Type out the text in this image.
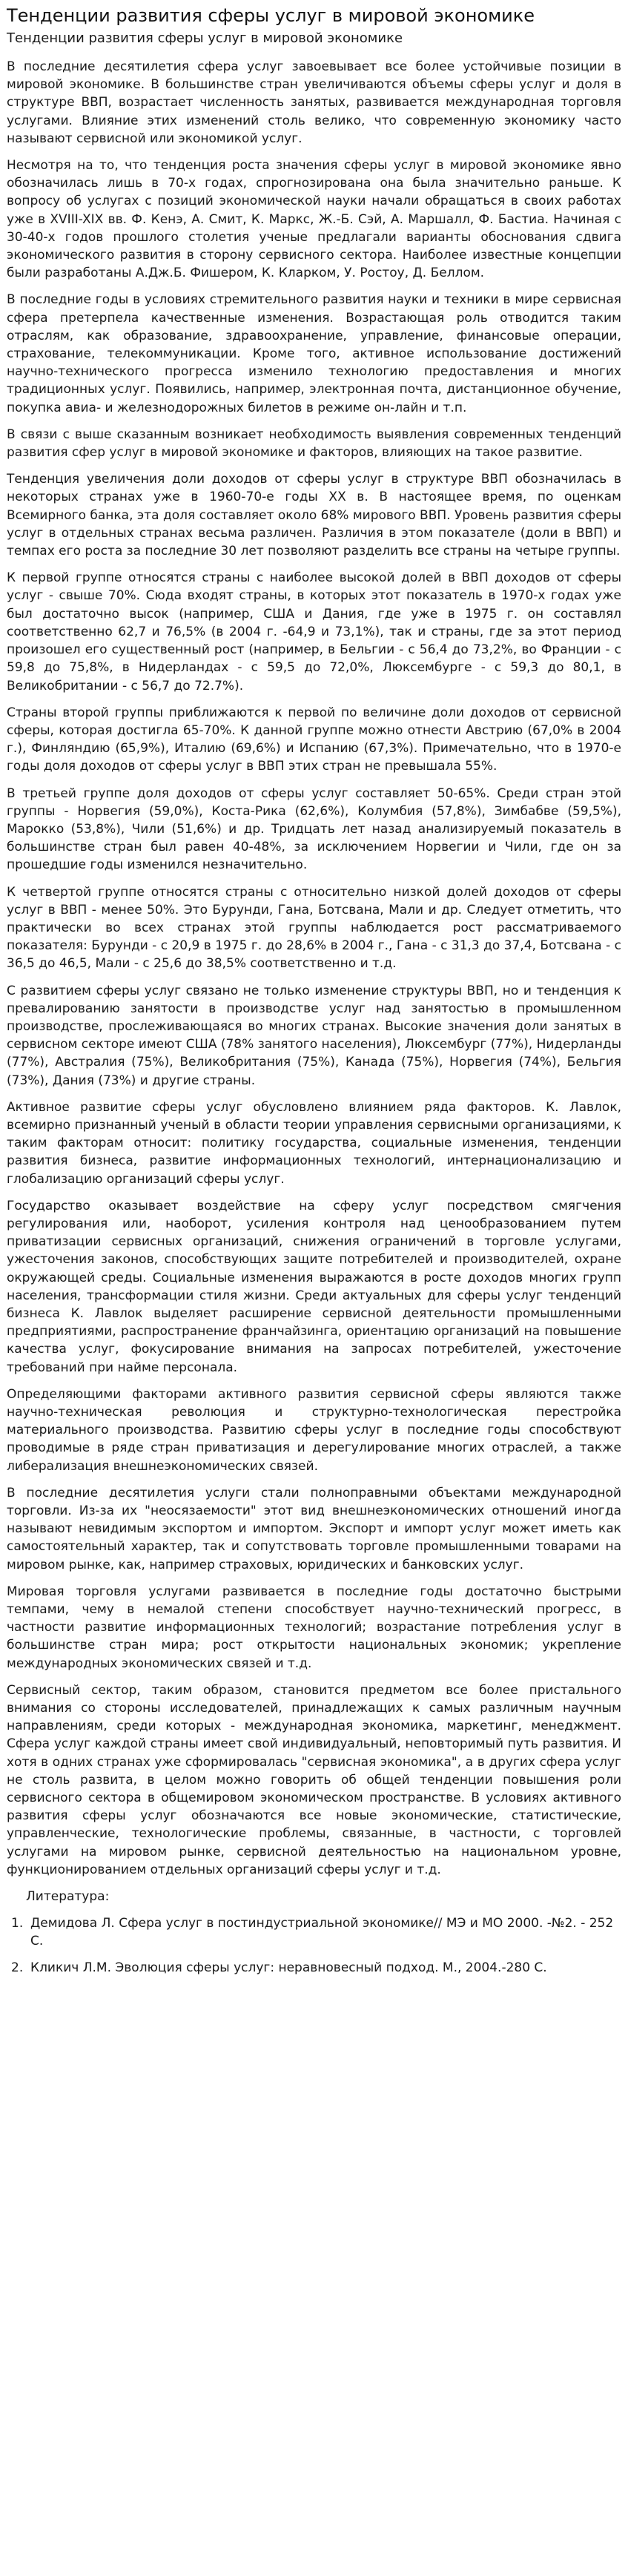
Тенденции развития сферы услуг в мировой экономике
Тенденции развития сферы услуг в мировой экономике

В последние десятилетия сфера услуг завоевывает все более устойчивые позиции в мировой экономике. В большинстве стран увеличиваются объемы сферы услуг и доля в структуре ВВП, возрастает численность занятых, развивается международная торговля услугами. Влияние этих изменений столь велико, что современную экономику часто называют сервисной или экономикой услуг.

Несмотря на то, что тенденция роста значения сферы услуг в мировой экономике явно обозначилась лишь в 70-х годах, спрогнозирована она была значительно раньше. К вопросу об услугах с позиций экономической науки начали обращаться в своих работах уже в XVIII-XIX вв. Ф. Кенэ, А. Смит, К. Маркс, Ж.-Б. Сэй, А. Маршалл, Ф. Бастиа. Начиная с 30-40-х годов прошлого столетия ученые предлагали варианты обоснования сдвига экономического развития в сторону сервисного сектора. Наиболее известные концепции были разработаны А.Дж.Б. Фишером, К. Кларком, У. Ростоу, Д. Беллом.

В последние годы в условиях стремительного развития науки и техники в мире сервисная сфера претерпела качественные изменения. Возрастающая роль отводится таким отраслям, как образование, здравоохранение, управление, финансовые операции, страхование, телекоммуникации. Кроме того, активное использование достижений научно-технического прогресса изменило технологию предоставления и многих традиционных услуг. Появились, например, электронная почта, дистанционное обучение, покупка авиа- и железнодорожных билетов в режиме он-лайн и т.п.

В связи с выше сказанным возникает необходимость выявления современных тенденций развития сфер услуг в мировой экономике и факторов, влияющих на такое развитие.

Тенденция увеличения доли доходов от сферы услуг в структуре ВВП обозначилась в некоторых странах уже в 1960-70-е годы ХХ в. В настоящее время, по оценкам Всемирного банка, эта доля составляет около 68% мирового ВВП. Уровень развития сферы услуг в отдельных странах весьма различен. Различия в этом показателе (доли в ВВП) и темпах его роста за последние 30 лет позволяют разделить все страны на четыре группы.

К первой группе относятся страны с наиболее высокой долей в ВВП доходов от сферы услуг - свыше 70%. Сюда входят страны, в которых этот показатель в 1970-х годах уже был достаточно высок (например, США и Дания, где уже в 1975 г. он составлял соответственно 62,7 и 76,5% (в 2004 г. -64,9 и 73,1%), так и страны, где за этот период произошел его существенный рост (например, в Бельгии - с 56,4 до 73,2%, во Франции - с 59,8 до 75,8%, в Нидерландах - с 59,5 до 72,0%, Люксембурге - с 59,3 до 80,1, в Великобритании - с 56,7 до 72.7%).

Страны второй группы приближаются к первой по величине доли доходов от сервисной сферы, которая достигла 65-70%. К данной группе можно отнести Австрию (67,0% в 2004 г.), Финляндию (65,9%), Италию (69,6%) и Испанию (67,3%). Примечательно, что в 1970-е годы доля доходов от сферы услуг в ВВП этих стран не превышала 55%.

В третьей группе доля доходов от сферы услуг составляет 50-65%. Среди стран этой группы - Норвегия (59,0%), Коста-Рика (62,6%), Колумбия (57,8%), Зимбабве (59,5%), Марокко (53,8%), Чили (51,6%) и др. Тридцать лет назад анализируемый показатель в большинстве стран был равен 40-48%, за исключением Норвегии и Чили, где он за прошедшие годы изменился незначительно.

К четвертой группе относятся страны с относительно низкой долей доходов от сферы услуг в ВВП - менее 50%. Это Бурунди, Гана, Ботсвана, Мали и др. Следует отметить, что практически во всех странах этой группы наблюдается рост рассматриваемого показателя: Бурунди - с 20,9 в 1975 г. до 28,6% в 2004 г., Гана - с 31,3 до 37,4, Ботсвана - с 36,5 до 46,5, Мали - с 25,6 до 38,5% соответственно и т.д.

С развитием сферы услуг связано не только изменение структуры ВВП, но и тенденция к превалированию занятости в производстве услуг над занятостью в промышленном производстве, прослеживающаяся во многих странах. Высокие значения доли занятых в сервисном секторе имеют США (78% занятого населения), Люксембург (77%), Нидерланды (77%), Австралия (75%), Великобритания (75%), Канада (75%), Норвегия (74%), Бельгия (73%), Дания (73%) и другие страны.

Активное развитие сферы услуг обусловлено влиянием ряда факторов. К. Лавлок, всемирно признанный ученый в области теории управления сервисными организациями, к таким факторам относит: политику государства, социальные изменения, тенденции развития бизнеса, развитие информационных технологий, интернационализацию и глобализацию организаций сферы услуг.

Государство оказывает воздействие на сферу услуг посредством смягчения регулирования или, наоборот, усиления контроля над ценообразованием путем приватизации сервисных организаций, снижения ограничений в торговле услугами, ужесточения законов, способствующих защите потребителей и производителей, охране окружающей среды. Социальные изменения выражаются в росте доходов многих групп населения, трансформации стиля жизни. Среди актуальных для сферы услуг тенденций бизнеса К. Лавлок выделяет расширение сервисной деятельности промышленными предприятиями, распространение франчайзинга, ориентацию организаций на повышение качества услуг, фокусирование внимания на запросах потребителей, ужесточение требований при найме персонала.

Определяющими факторами активного развития сервисной сферы являются также научно-техническая революция и структурно-технологическая перестройка материального производства. Развитию сферы услуг в последние годы способствуют проводимые в ряде стран приватизация и дерегулирование многих отраслей, а также либерализация внешнеэкономических связей.

В последние десятилетия услуги стали полноправными объектами международной торговли. Из-за их "неосязаемости" этот вид внешнеэкономических отношений иногда называют невидимым экспортом и импортом. Экспорт и импорт услуг может иметь как самостоятельный характер, так и сопутствовать торговле промышленными товарами на мировом рынке, как, например страховых, юридических и банковских услуг.

Мировая торговля услугами развивается в последние годы достаточно быстрыми темпами, чему в немалой степени способствует научно-технический прогресс, в частности развитие информационных технологий; возрастание потребления услуг в большинстве стран мира; рост открытости национальных экономик; укрепление международных экономических связей и т.д.

Сервисный сектор, таким образом, становится предметом все более пристального внимания со стороны исследователей, принадлежащих к самых различным научным направлениям, среди которых - международная экономика, маркетинг, менеджмент. Сфера услуг каждой страны имеет свой индивидуальный, неповторимый путь развития. И хотя в одних странах уже сформировалась "сервисная экономика", а в других сфера услуг не столь развита, в целом можно говорить об общей тенденции повышения роли сервисного сектора в общемировом экономическом пространстве. В условиях активного развития сферы услуг обозначаются все новые экономические, статистические, управленческие, технологические проблемы, связанные, в частности, с торговлей услугами на мировом рынке, сервисной деятельностью на национальном уровне, функционированием отдельных организаций сферы услуг и т.д.

Литература:
1. Демидова Л. Сфера услуг в постиндустриальной экономике// МЭ и МО 2000. -№2. - 252 С.
2. Кликич Л.М. Эволюция сферы услуг: неравновесный подход. М., 2004.-280 С.
